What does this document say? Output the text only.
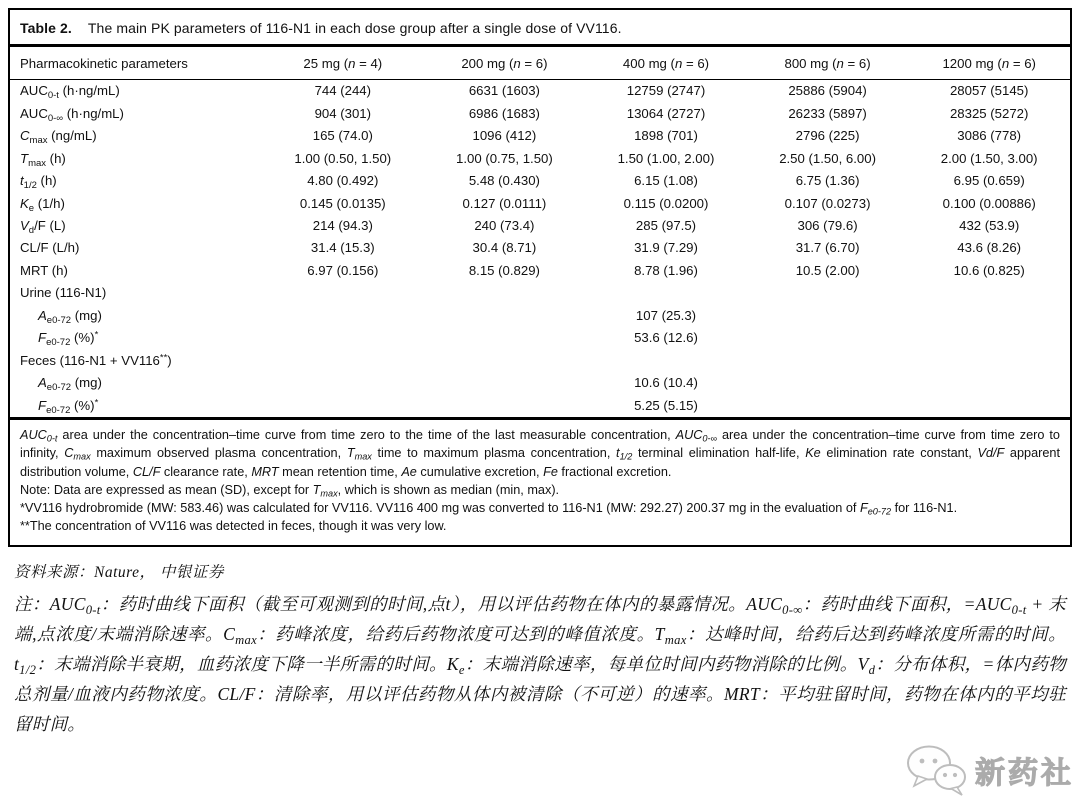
Table 2. The main PK parameters of 116-N1 in each dose group after a single dose of VV116.
Pharmacokinetic parameters	25 mg (n = 4)	200 mg (n = 6)	400 mg (n = 6)	800 mg (n = 6)	1200 mg (n = 6)
$AUC_{0-t}$ (h·ng/mL)	744 (244)	6631 (1603)	12759 (2747)	25886 (5904)	28057 (5145)
$AUC_{0-\infty}$ (h·ng/mL)	904 (301)	6986 (1683)	13064 (2727)	26233 (5897)	28325 (5272)
$C_{max}$ (ng/mL)	165 (74.0)	1096 (412)	1898 (701)	2796 (225)	3086 (778)
$T_{max}$ (h)	1.00 (0.50, 1.50)	1.00 (0.75, 1.50)	1.50 (1.00, 2.00)	2.50 (1.50, 6.00)	2.00 (1.50, 3.00)
$t_{1/2}$ (h)	4.80 (0.492)	5.48 (0.430)	6.15 (1.08)	6.75 (1.36)	6.95 (0.659)
$K_e$ (1/h)	0.145 (0.0135)	0.127 (0.0111)	0.115 (0.0200)	0.107 (0.0273)	0.100 (0.00886)
$V_d/F$ (L)	214 (94.3)	240 (73.4)	285 (97.5)	306 (79.6)	432 (53.9)
CL/F (L/h)	31.4 (15.3)	30.4 (8.71)	31.9 (7.29)	31.7 (6.70)	43.6 (8.26)
MRT (h)	6.97 (0.156)	8.15 (0.829)	8.78 (1.96)	10.5 (2.00)	10.6 (0.825)
Urine (116-N1)					
$A_{e0-72}$ (mg)			107 (25.3)		
$F_{e0-72}$ (%)*			53.6 (12.6)		
Feces (116-N1 + VV116**)					
$A_{e0-72}$ (mg)			10.6 (10.4)		
$F_{e0-72}$ (%)*			5.25 (5.15)		

$AUC_{0-t}$ area under the concentration–time curve from time zero to the time of the last measurable concentration, $AUC_{0-\infty}$ area under the concentration–time curve from time zero to infinity, $C_{max}$ maximum observed plasma concentration, $T_{max}$ time to maximum plasma concentration, $t_{1/2}$ terminal elimination half-life, Ke elimination rate constant, Vd/F apparent distribution volume, CL/F clearance rate, MRT mean retention time, Ae cumulative excretion, Fe fractional excretion.

Note: Data are expressed as mean (SD), except for $T_{max}$, which is shown as median (min, max).

*VV116 hydrobromide (MW: 583.46) was calculated for VV116. VV116 400 mg was converted to 116-N1 (MW: 292.27) 200.37 mg in the evaluation of $F_{e0-72}$ for 116-N1.

**The concentration of VV116 was detected in feces, though it was very low.

资料来源：Nature， 中银证券
注：$AUC_{0-t}$：药时曲线下面积（截至可观测到的时间,点t），用以评估药物在体内的暴露情况。$AUC_{0-\infty}$：药时曲线下面积，$=AUC_{0-t}$ + 末端,点浓度/末端消除速率。$C_{max}$：药峰浓度，给药后药物浓度可达到的峰值浓度。$T_{max}$：达峰时间，给药后达到药峰浓度所需的时间。$t_{1/2}$：末端消除半衰期，血药浓度下降一半所需的时间。$K_e$：末端消除速率，每单位时间内药物消除的比例。$V_d$：分布体积，=体内药物总剂量/血液内药物浓度。CL/F：清除率，用以评估药物从体内被清除（不可逆）的速率。MRT：平均驻留时间，药物在体内的平均驻留时间。
新药社
